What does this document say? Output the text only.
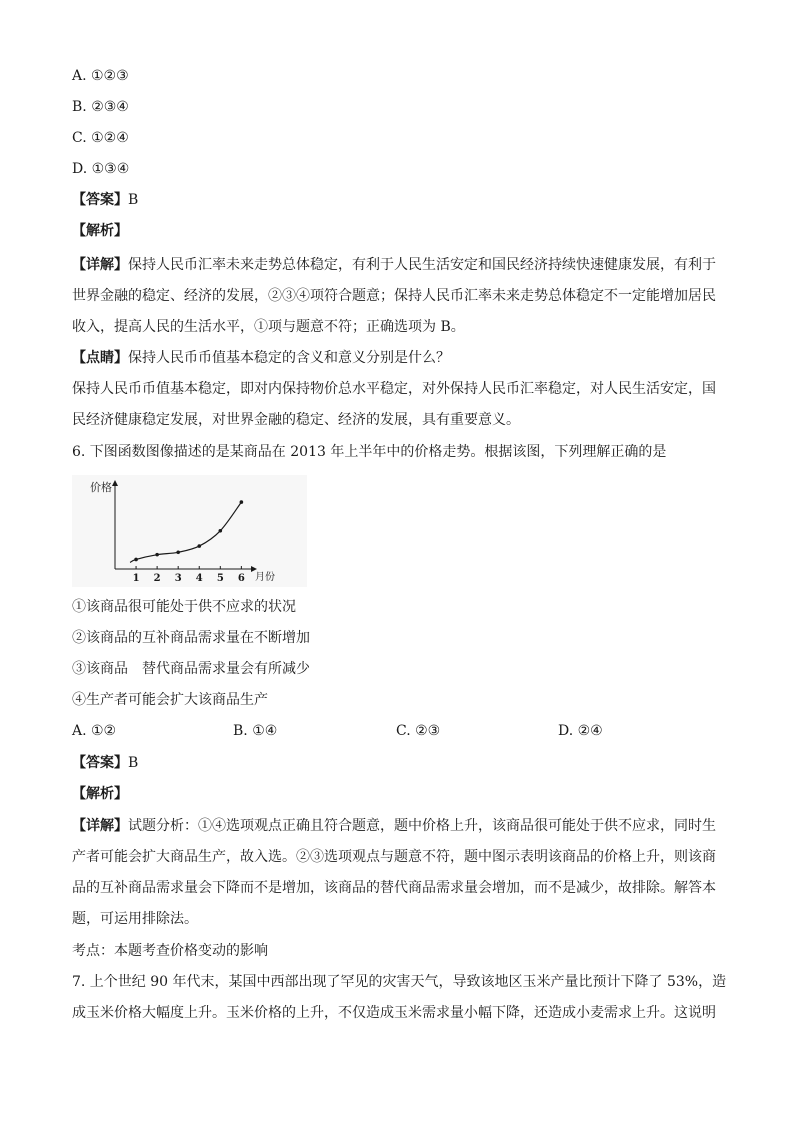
A. ①②③
B. ②③④
C. ①②④
D. ①③④
【答案】B
【解析】
【详解】保持人民币汇率未来走势总体稳定，有利于人民生活安定和国民经济持续快速健康发展，有利于
世界金融的稳定、经济的发展，②③④项符合题意；保持人民币汇率未来走势总体稳定不一定能增加居民
收入，提高人民的生活水平，①项与题意不符；正确选项为 B。
【点睛】保持人民币币值基本稳定的含义和意义分别是什么？
保持人民币币值基本稳定，即对内保持物价总水平稳定，对外保持人民币汇率稳定，对人民生活安定，国
民经济健康稳定发展，对世界金融的稳定、经济的发展，具有重要意义。
6. 下图函数图像描述的是某商品在 2013 年上半年中的价格走势。根据该图，下列理解正确的是
价格
月份
1 2 3 4 5 6
①该商品很可能处于供不应求的状况
②该商品的互补商品需求量在不断增加
③该商品　替代商品需求量会有所减少
④生产者可能会扩大该商品生产
A. ①②	B. ①④	C. ②③	D. ②④
【答案】B
【解析】
【详解】试题分析：①④选项观点正确且符合题意，题中价格上升，该商品很可能处于供不应求，同时生
产者可能会扩大商品生产，故入选。②③选项观点与题意不符，题中图示表明该商品的价格上升，则该商
品的互补商品需求量会下降而不是增加，该商品的替代商品需求量会增加，而不是减少，故排除。解答本
题，可运用排除法。
考点：本题考查价格变动的影响
7. 上个世纪 90 年代末，某国中西部出现了罕见的灾害天气，导致该地区玉米产量比预计下降了 53%，造
成玉米价格大幅度上升。玉米价格的上升，不仅造成玉米需求量小幅下降，还造成小麦需求上升。这说明
